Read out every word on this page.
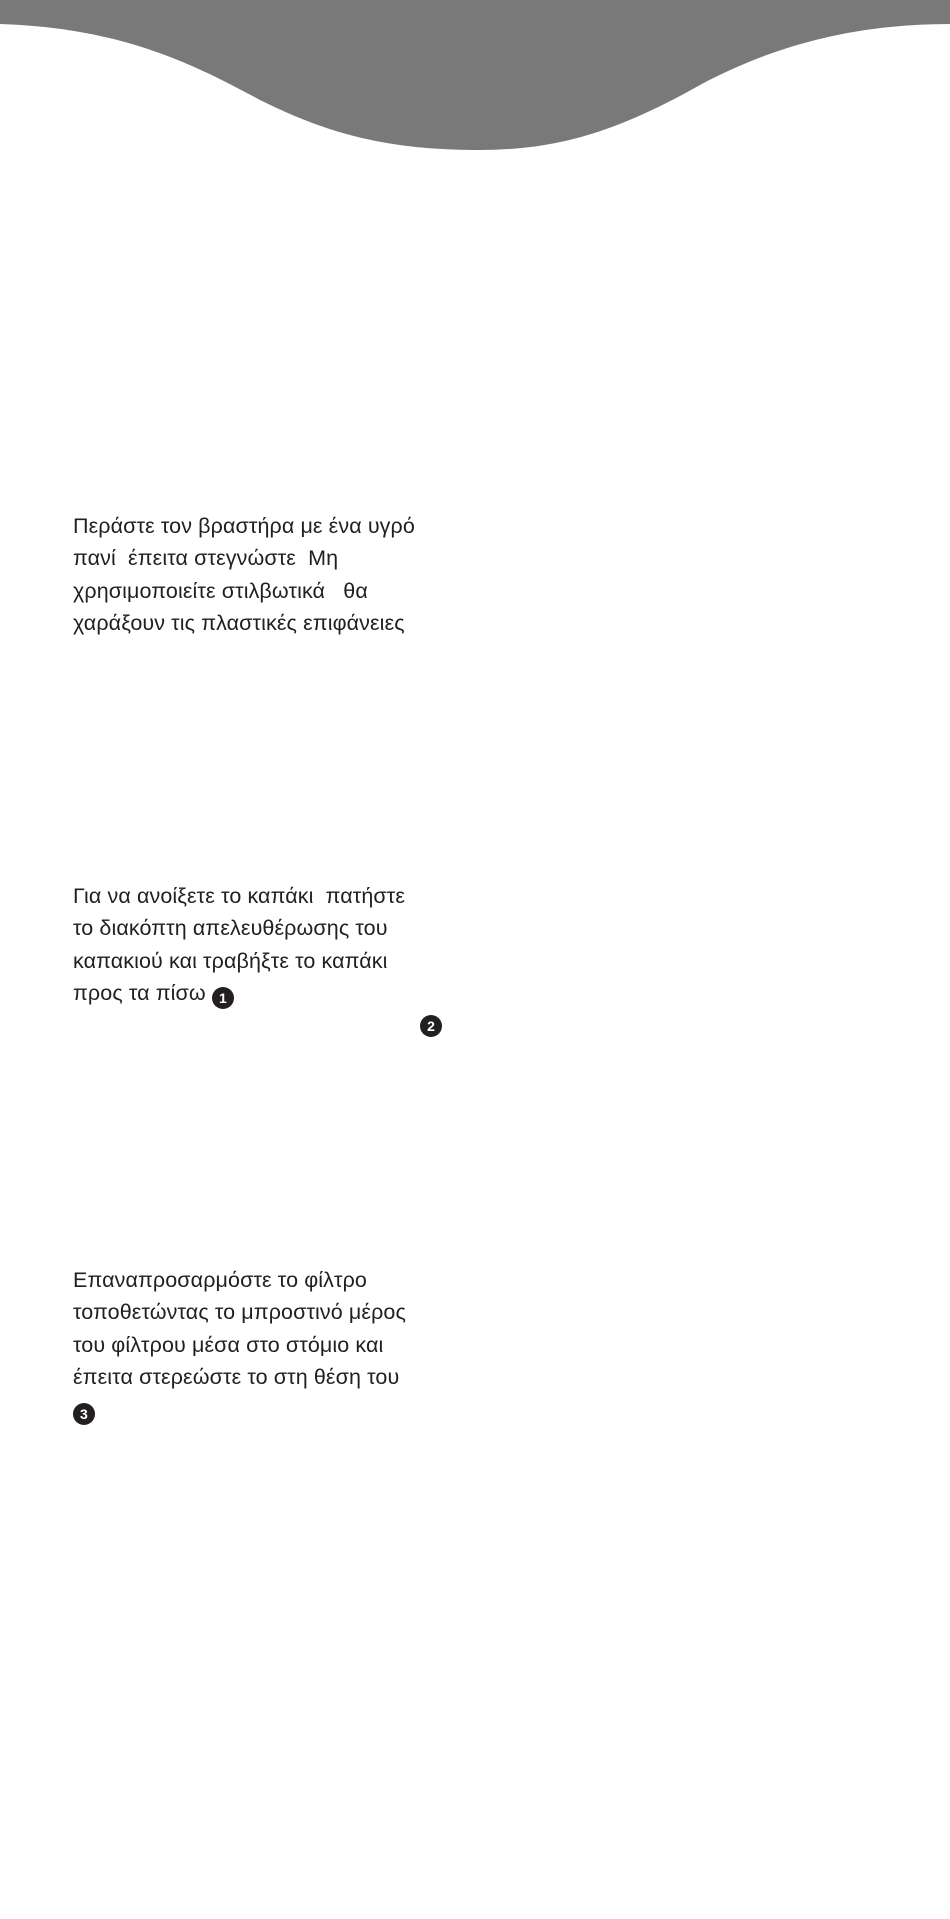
Περάστε τον βραστήρα με ένα υγρό
πανί  έπειτα στεγνώστε  Μη
χρησιμοποιείτε στιλβωτικά   θα
χαράξουν τις πλαστικές επιφάνειες
Για να ανοίξετε το καπάκι  πατήστε
το διακόπτη απελευθέρωσης του
καπακιού και τραβήξτε το καπάκι
προς τα πίσω 1
2
Επαναπροσαρμόστε το φίλτρο
τοποθετώντας το μπροστινό μέρος
του φίλτρου μέσα στο στόμιο και
έπειτα στερεώστε το στη θέση του
3
